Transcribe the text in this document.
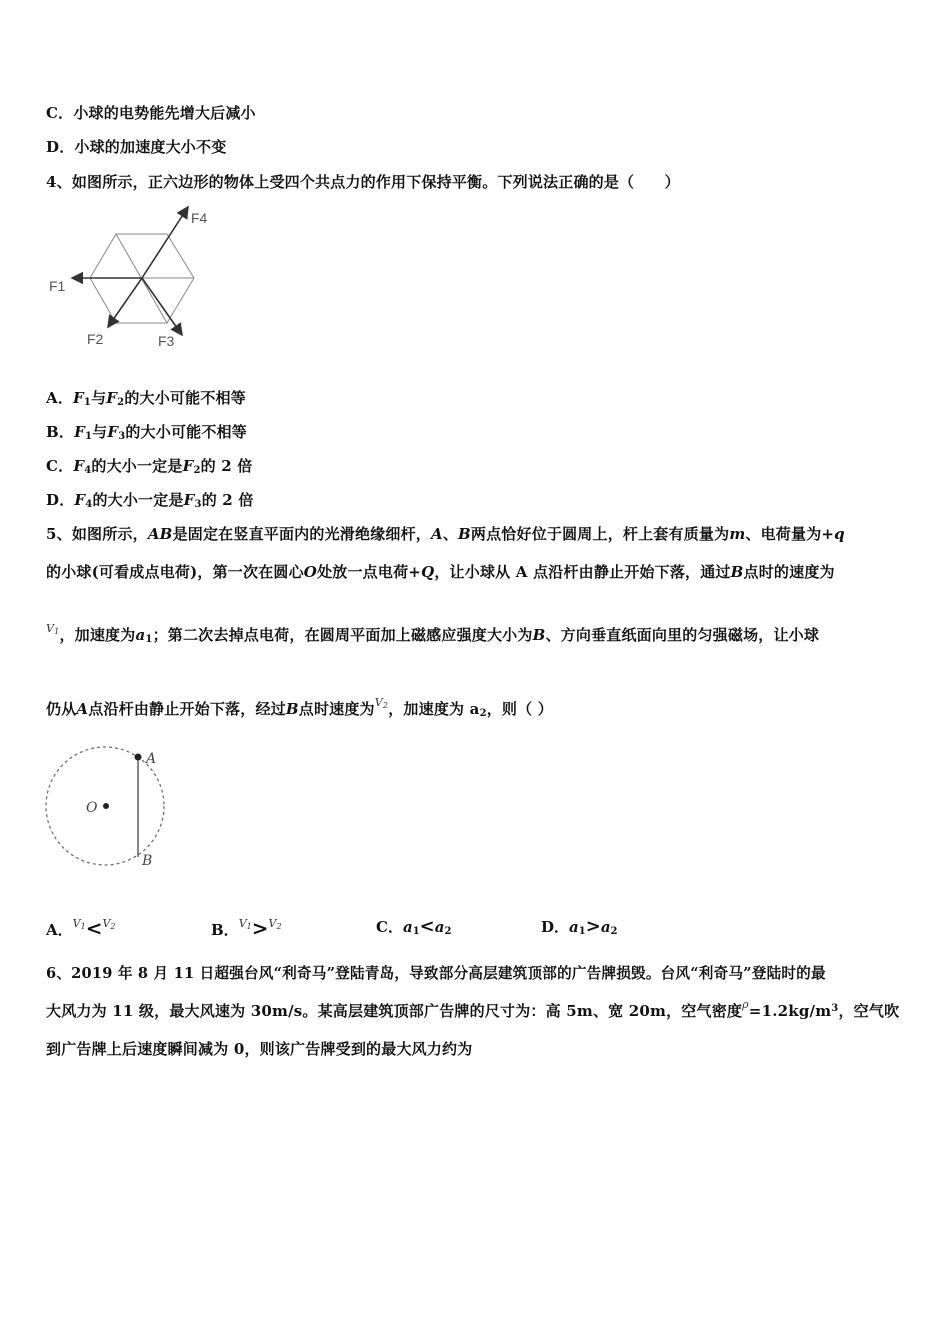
C．小球的电势能先增大后减小
D．小球的加速度大小不变
4、如图所示，正六边形的物体上受四个共点力的作用下保持平衡。下列说法正确的是（　　）
F4
F1
F2	F3
A．$F_1$与$F_2$的大小可能不相等
B．$F_1$与$F_3$的大小可能不相等
C．$F_4$的大小一定是$F_2$的 2 倍
D．$F_4$的大小一定是$F_3$的 2 倍
5、如图所示，AB是固定在竖直平面内的光滑绝缘细杆，A、B两点恰好位于圆周上，杆上套有质量为m、电荷量为+q
的小球(可看成点电荷)，第一次在圆心O处放一点电荷+Q，让小球从 A 点沿杆由静止开始下落，通过B点时的速度为
$^{V_1}$，加速度为$a_1$；第二次去掉点电荷，在圆周平面加上磁感应强度大小为B、方向垂直纸面向里的匀强磁场，让小球
仍从A点沿杆由静止开始下落，经过B点时速度为$^{V_2}$，加速度为 $a_2$，则（ ）
A
O
B
A．$^{V_1}$<$^{V_2}$	B．$^{V_1}$>$^{V_2}$	C．$a_1<a_2$	D．$a_1>a_2$
6、2019 年 8 月 11 日超强台风“利奇马”登陆青岛，导致部分高层建筑顶部的广告牌损毁。台风“利奇马”登陆时的最
大风力为 11 级，最大风速为 30m/s。某高层建筑顶部广告牌的尺寸为：高 5m、宽 20m，空气密度$^\rho=1.2kg/m^3$，空气吹
到广告牌上后速度瞬间减为 0，则该广告牌受到的最大风力约为
